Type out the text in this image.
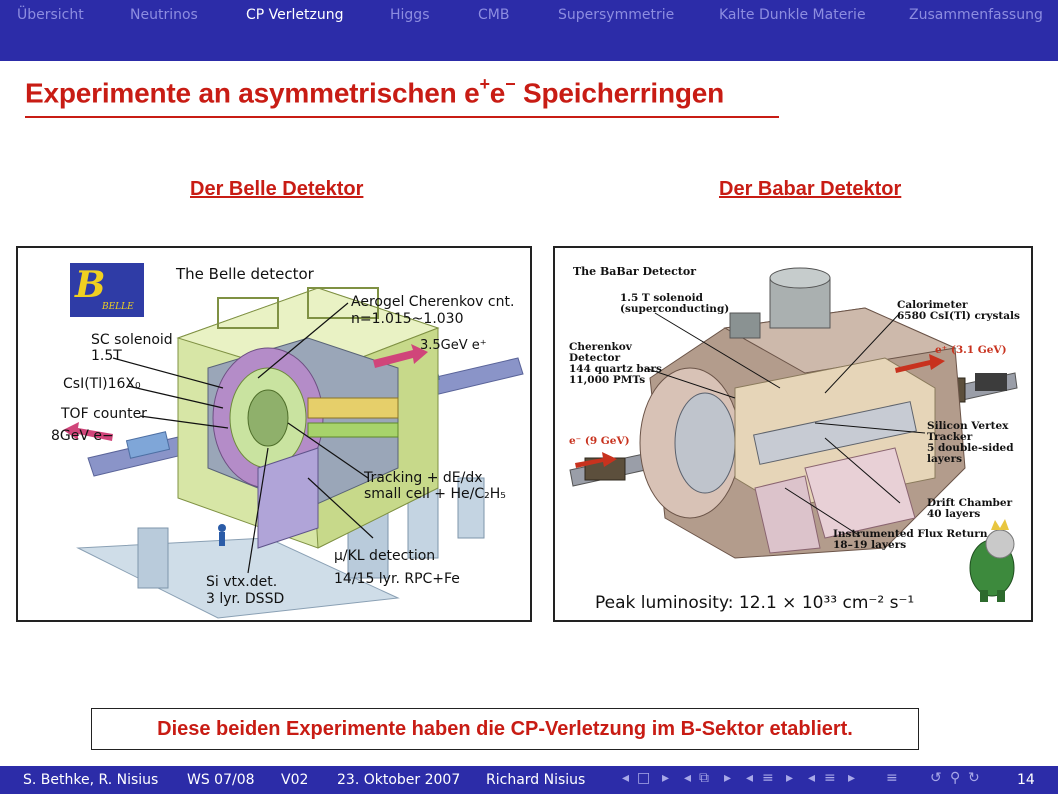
Übersicht	Neutrinos	CP Verletzung	Higgs	CMB	Supersymmetrie	Kalte Dunkle Materie	Zusammenfassung
Experimente an asymmetrischen e+e− Speicherringen
Der Belle Detektor	Der Babar Detektor
B
BELLE
The Belle detector
Aerogel Cherenkov cnt.
n=1.015~1.030
SC solenoid
1.5T
3.5GeV e⁺
CsI(Tl)16X₀
TOF counter
8GeV e−
Tracking + dE/dx
small cell + He/C₂H₅
μ/KL detection
14/15 lyr. RPC+Fe
Si vtx.det.
3 lyr. DSSD
The BaBar Detector
1.5 T solenoid
(superconducting)	Calorimeter
6580 CsI(Tl) crystals
Cherenkov
Detector
144 quartz bars
11,000 PMTs
e⁺ (3.1 GeV)
e⁻ (9 GeV)
Silicon Vertex
Tracker
5 double-sided
layers
Drift Chamber
40 layers
Instrumented Flux Return
18–19 layers
Peak luminosity: 12.1 × 10³³ cm⁻² s⁻¹
Diese beiden Experimente haben die CP-Verletzung im B-Sektor etabliert.
S. Bethke, R. Nisius WS 07/08 V02 23. Oktober 2007 Richard Nisius	◂ □ ▸ ◂ ⧉ ▸ ◂ ≡ ▸ ◂ ≡ ▸ ≡ ↺ ⚲ ↻	14
